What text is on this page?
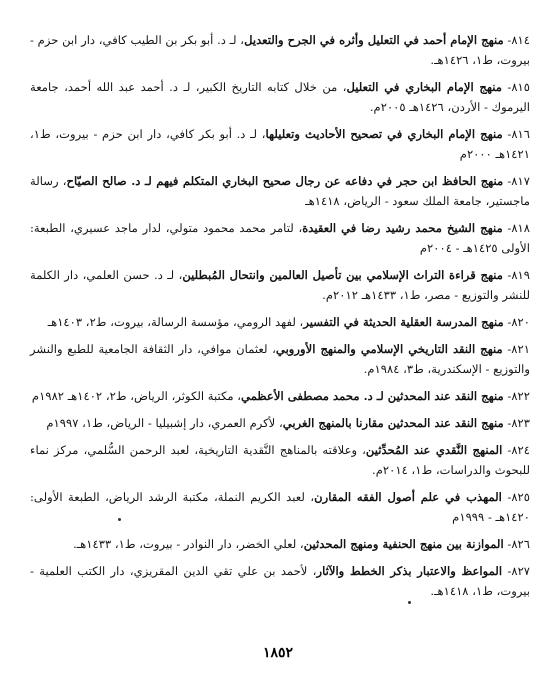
٨١٤- منهج الإمام أحمد في التعليل وأثره في الجرح والتعديل، لـ د. أبو بكر بن الطيب كافي، دار ابن حزم - بيروت، ط١، ١٤٢٦هـ.

٨١٥- منهج الإمام البخاري في التعليل، من خلال كتابه التاريخ الكبير، لـ د. أحمد عبد الله أحمد، جامعة اليرموك - الأردن، ١٤٢٦هـ ٢٠٠٥م.

٨١٦- منهج الإمام البخاري في تصحيح الأحاديث وتعليلها، لـ د. أبو بكر كافي، دار ابن حزم - بيروت، ط١، ١٤٢١هـ ٢٠٠٠م

٨١٧- منهج الحافظ ابن حجر في دفاعه عن رجال صحيح البخاري المتكلم فيهم لـ د. صالح الصيّاح، رسالة ماجستير، جامعة الملك سعود - الرياض، ١٤١٨هـ

٨١٨- منهج الشيخ محمد رشيد رضا في العقيدة، لتامر محمد محمود متولي، لدار ماجد عسيري، الطبعة: الأولى ١٤٢٥هـ - ٢٠٠٤م

٨١٩- منهج قراءة التراث الإسلامي بين تأصيل العالمين وانتحال المُبطلين، لـ د. حسن العلمي، دار الكلمة للنشر والتوزيع - مصر، ط١، ١٤٣٣هـ ٢٠١٢م.

٨٢٠- منهج المدرسة العقلية الحديثة في التفسير، لفهد الرومي، مؤسسة الرسالة، بيروت، ط٢، ١٤٠٣هـ

٨٢١- منهج النقد التاريخي الإسلامي والمنهج الأوروبي، لعثمان موافي، دار الثقافة الجامعية للطبع والنشر والتوزيع - الإسكندرية، ط٣، ١٩٨٤م.

٨٢٢- منهج النقد عند المحدثين لـ د. محمد مصطفى الأعظمي، مكتبة الكوثر، الرياض، ط٢، ١٤٠٢هـ ١٩٨٢م

٨٢٣- منهج النقد عند المحدثين مقارنا بالمنهج الغربي، لأكرم العمري، دار إشبيليا - الرياض، ط١، ١٩٩٧م

٨٢٤- المنهج النَّقدي عند المُحدِّثين، وعلاقته بالمناهج النَّقدية التاريخية، لعبد الرحمن السُّلمي، مركز نماء للبحوث والدراسات، ط١، ٢٠١٤م.

٨٢٥- المهذب في علم أصول الفقه المقارن، لعبد الكريم النملة، مكتبة الرشد الرياض، الطبعة الأولى: ١٤٢٠هـ - ١٩٩٩م

٨٢٦- الموازنة بين منهج الحنفية ومنهج المحدثين، لعلي الخضر، دار النوادر - بيروت، ط١، ١٤٣٣هـ.

٨٢٧- المواعظ والاعتبار بذكر الخطط والآثار، لأحمد بن علي تقي الدين المقريزي، دار الكتب العلمية - بيروت، ط١، ١٤١٨هـ.

١٨٥٢
